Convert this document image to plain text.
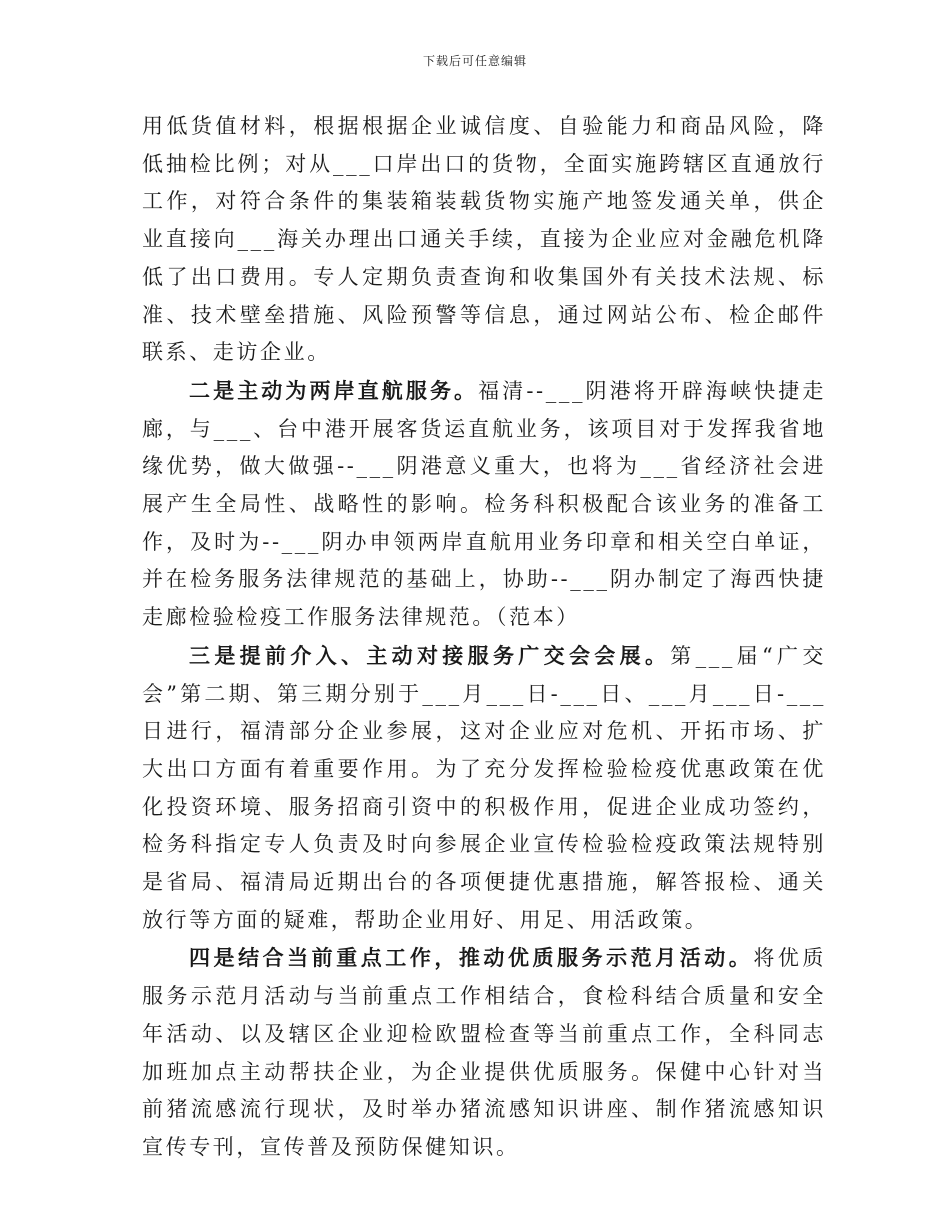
下载后可任意编辑

用低货值材料，根据根据企业诚信度、自验能力和商品风险，降低抽检比例；对从___口岸出口的货物，全面实施跨辖区直通放行工作，对符合条件的集装箱装载货物实施产地签发通关单，供企业直接向___海关办理出口通关手续，直接为企业应对金融危机降低了出口费用。专人定期负责查询和收集国外有关技术法规、标准、技术壁垒措施、风险预警等信息，通过网站公布、检企邮件联系、走访企业。

二是主动为两岸直航服务。福清--___阴港将开辟海峡快捷走廊，与___、台中港开展客货运直航业务，该项目对于发挥我省地缘优势，做大做强--___阴港意义重大，也将为___省经济社会进展产生全局性、战略性的影响。检务科积极配合该业务的准备工作，及时为--___阴办申领两岸直航用业务印章和相关空白单证，并在检务服务法律规范的基础上，协助--___阴办制定了海西快捷走廊检验检疫工作服务法律规范。（范本）

三是提前介入、主动对接服务广交会会展。第___届“广交会”第二期、第三期分别于___月___日-___日、___月___日-___日进行，福清部分企业参展，这对企业应对危机、开拓市场、扩大出口方面有着重要作用。为了充分发挥检验检疫优惠政策在优化投资环境、服务招商引资中的积极作用，促进企业成功签约，检务科指定专人负责及时向参展企业宣传检验检疫政策法规特别是省局、福清局近期出台的各项便捷优惠措施，解答报检、通关放行等方面的疑难，帮助企业用好、用足、用活政策。

四是结合当前重点工作，推动优质服务示范月活动。将优质服务示范月活动与当前重点工作相结合，食检科结合质量和安全年活动、以及辖区企业迎检欧盟检查等当前重点工作，全科同志加班加点主动帮扶企业，为企业提供优质服务。保健中心针对当前猪流感流行现状，及时举办猪流感知识讲座、制作猪流感知识宣传专刊，宣传普及预防保健知识。
